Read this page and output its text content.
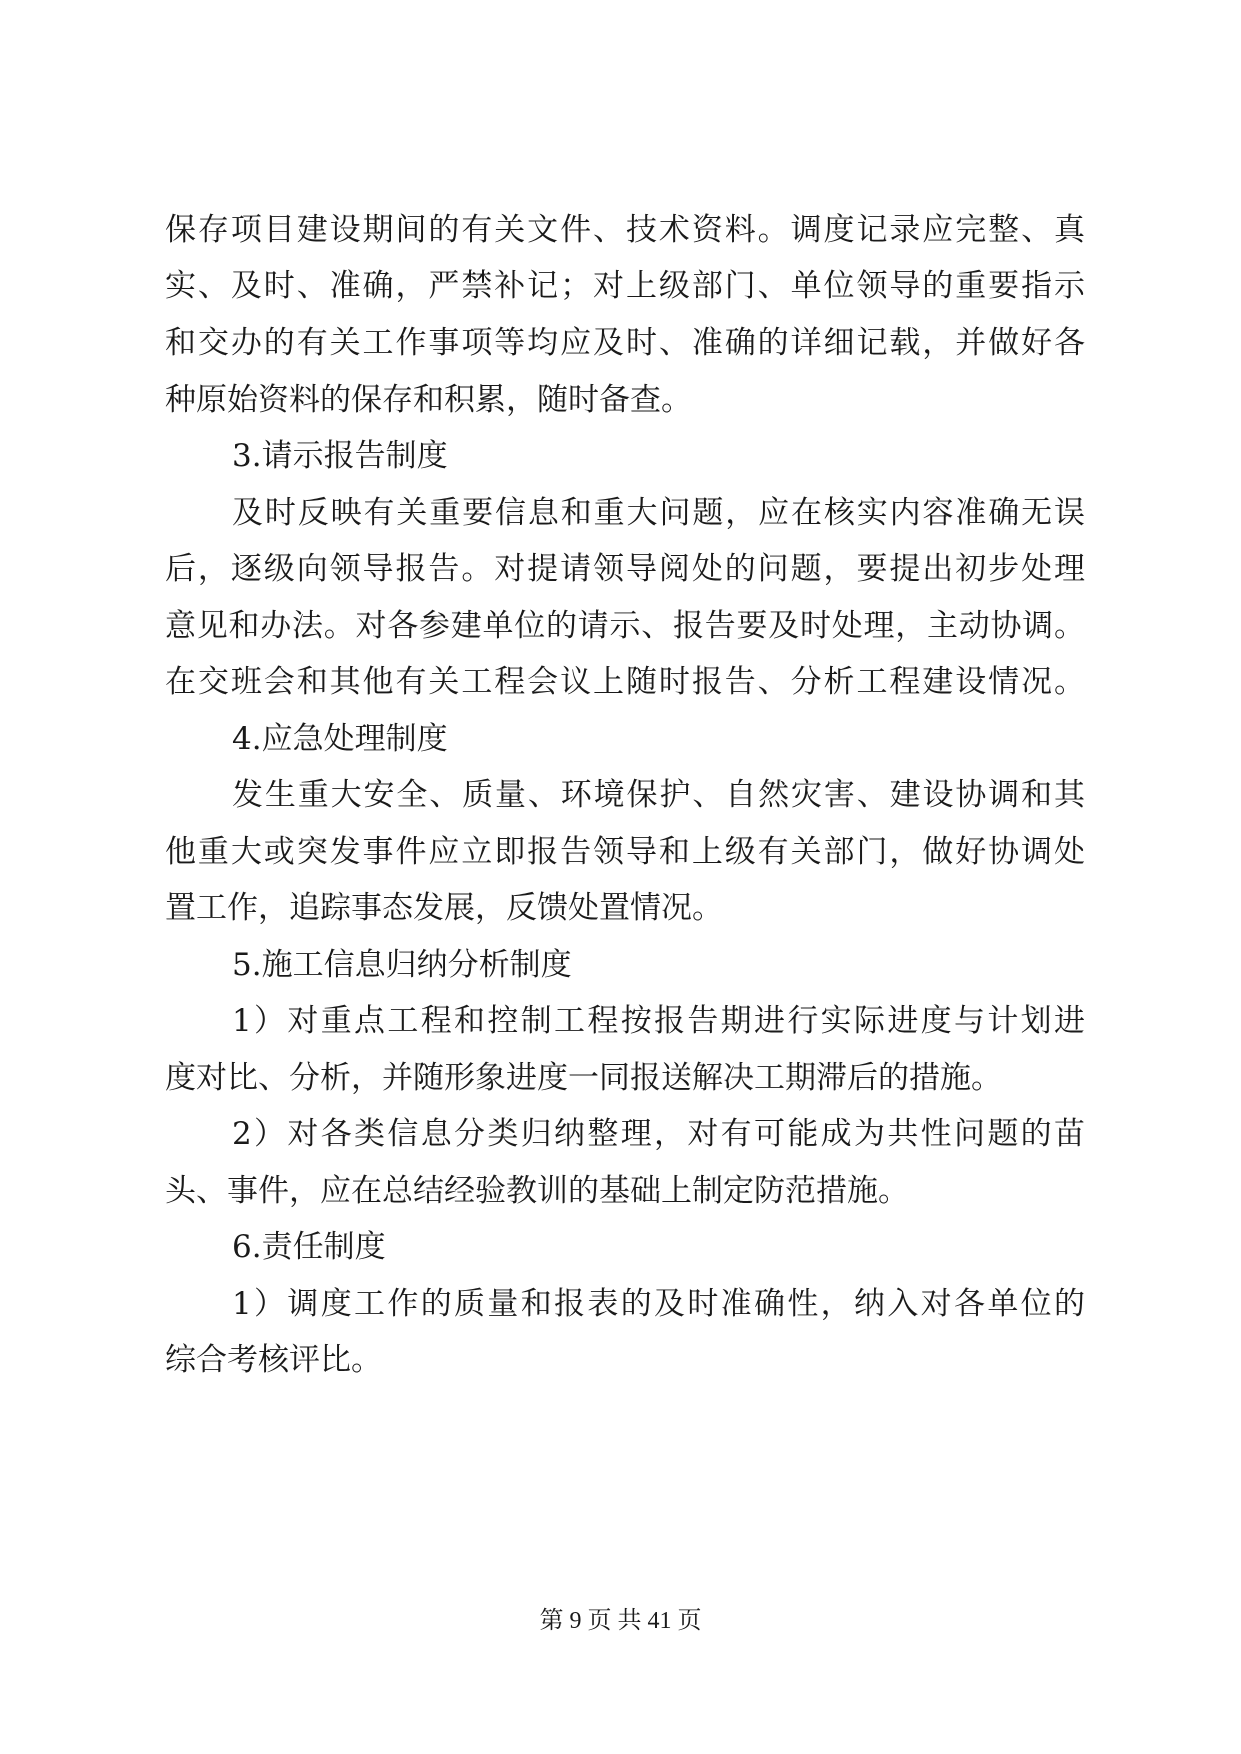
保存项目建设期间的有关文件、技术资料。调度记录应完整、真
实、及时、准确，严禁补记；对上级部门、单位领导的重要指示
和交办的有关工作事项等均应及时、准确的详细记载，并做好各
种原始资料的保存和积累，随时备查。
3.请示报告制度
及时反映有关重要信息和重大问题，应在核实内容准确无误
后，逐级向领导报告。对提请领导阅处的问题，要提出初步处理
意见和办法。对各参建单位的请示、报告要及时处理，主动协调。
在交班会和其他有关工程会议上随时报告、分析工程建设情况。
4.应急处理制度
发生重大安全、质量、环境保护、自然灾害、建设协调和其
他重大或突发事件应立即报告领导和上级有关部门，做好协调处
置工作，追踪事态发展，反馈处置情况。
5.施工信息归纳分析制度
1）对重点工程和控制工程按报告期进行实际进度与计划进
度对比、分析，并随形象进度一同报送解决工期滞后的措施。
2）对各类信息分类归纳整理，对有可能成为共性问题的苗
头、事件，应在总结经验教训的基础上制定防范措施。
6.责任制度
1）调度工作的质量和报表的及时准确性，纳入对各单位的
综合考核评比。
第 9 页 共 41 页
